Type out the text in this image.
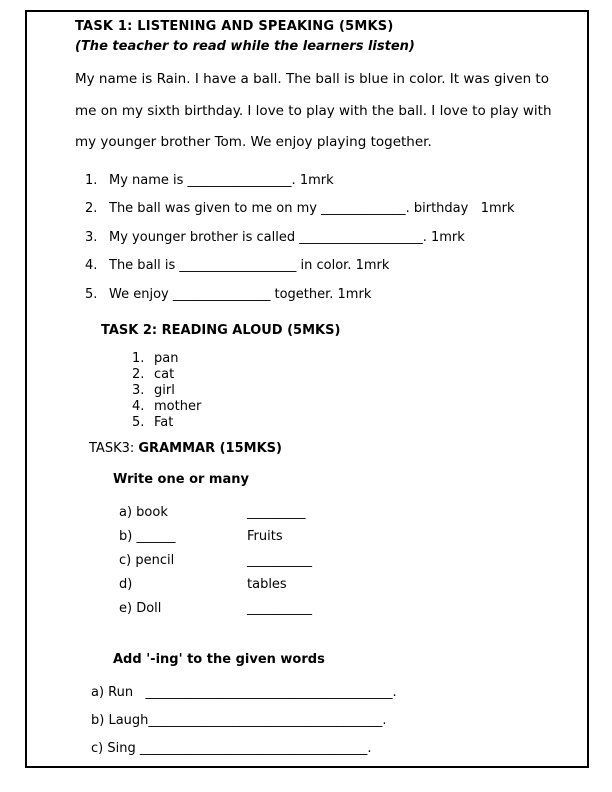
TASK 1: LISTENING AND SPEAKING (5MKS)
(The teacher to read while the learners listen)
My name is Rain. I have a ball. The ball is blue in color. It was given to
me on my sixth birthday. I love to play with the ball. I love to play with
my younger brother Tom. We enjoy playing together.
1. My name is ________________. 1mrk
2. The ball was given to me on my _____________. birthday   1mrk
3. My younger brother is called ___________________. 1mrk
4. The ball is __________________ in color. 1mrk
5. We enjoy _______________ together. 1mrk
TASK 2: READING ALOUD (5MKS)
1. pan
2. cat
3. girl
4. mother
5. Fat
TASK3: GRAMMAR (15MKS)
Write one or many
a) book	_________
b) ______	Fruits
c) pencil	__________
d)	tables
e) Doll	__________
Add '-ing' to the given words
a) Run   ______________________________________.
b) Laugh____________________________________.
c) Sing ___________________________________.
